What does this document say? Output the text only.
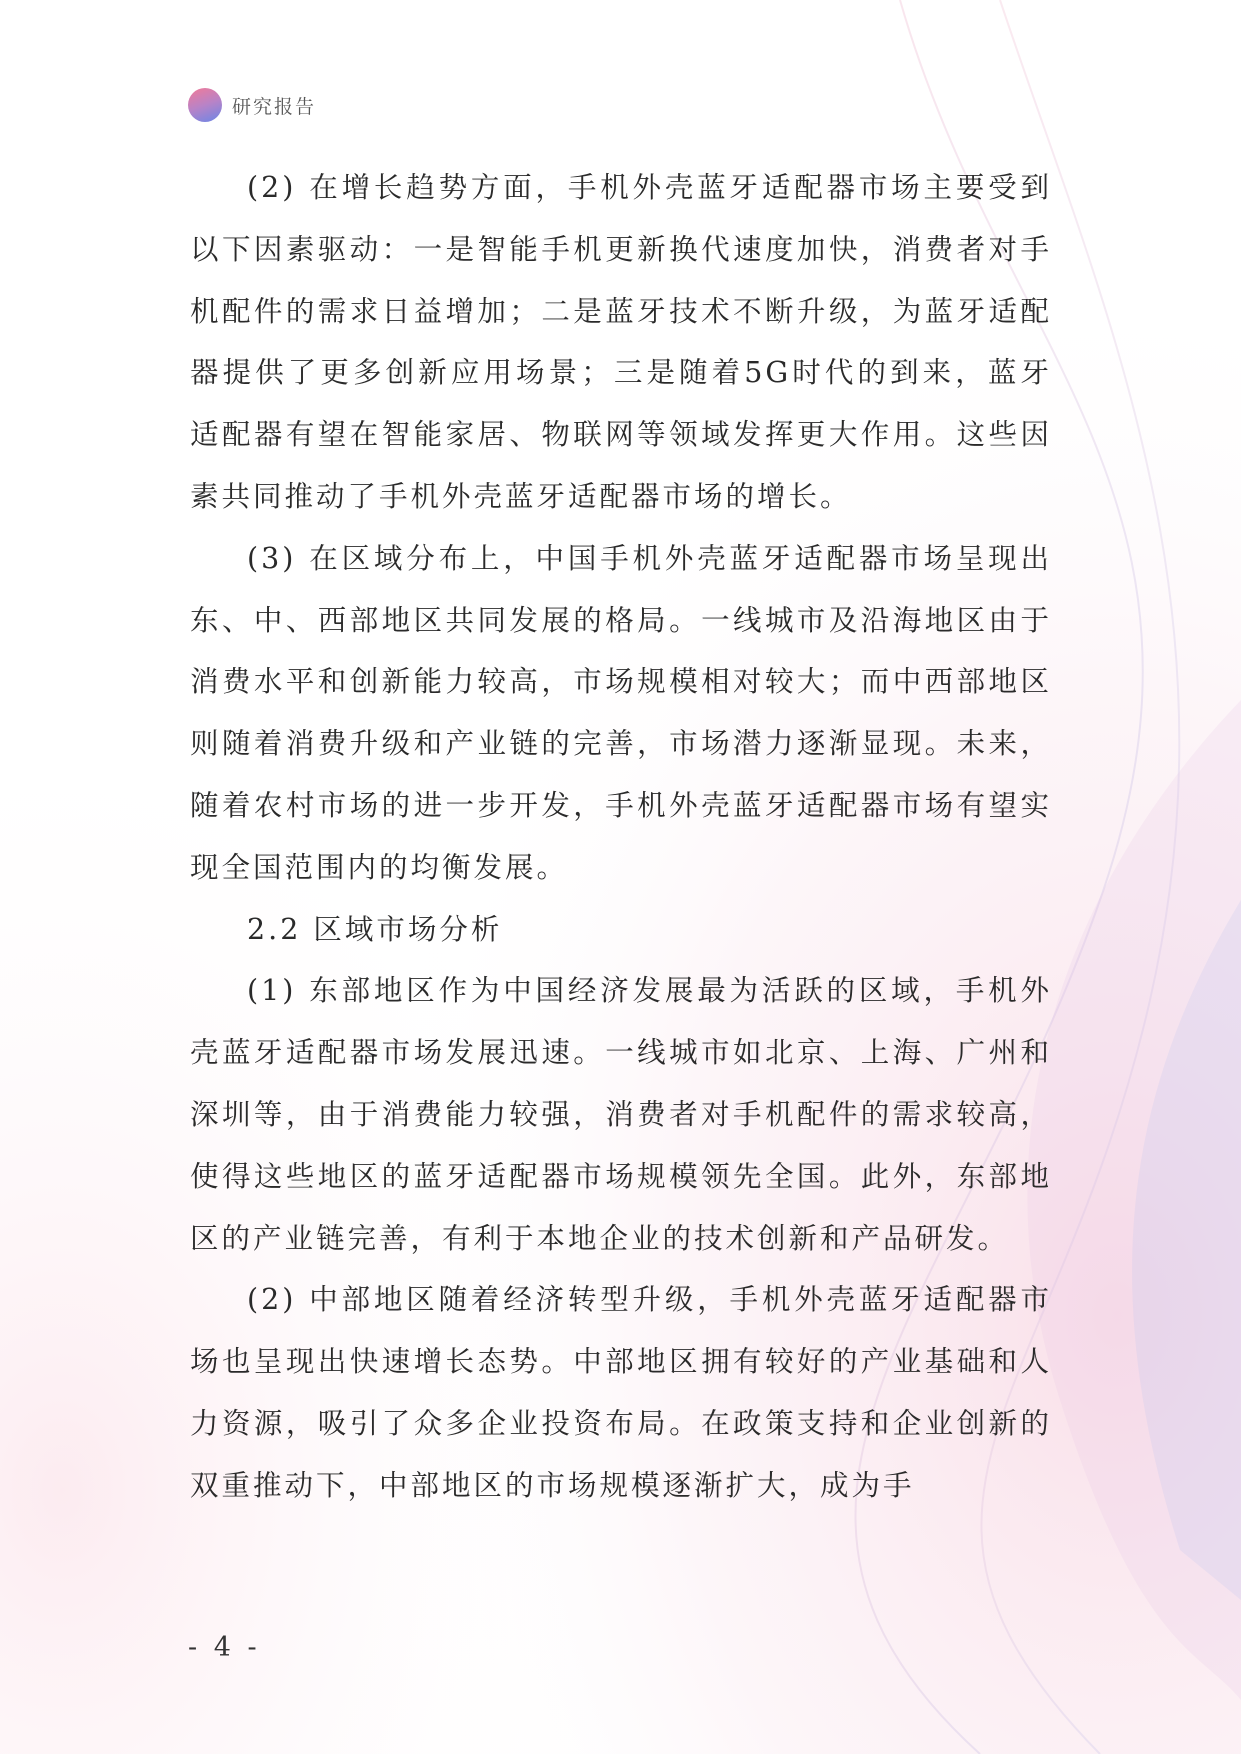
研究报告

(2) 在增长趋势方面，手机外壳蓝牙适配器市场主要受到以下因素驱动：一是智能手机更新换代速度加快，消费者对手机配件的需求日益增加；二是蓝牙技术不断升级，为蓝牙适配器提供了更多创新应用场景；三是随着5G时代的到来，蓝牙适配器有望在智能家居、物联网等领域发挥更大作用。这些因素共同推动了手机外壳蓝牙适配器市场的增长。

(3) 在区域分布上，中国手机外壳蓝牙适配器市场呈现出东、中、西部地区共同发展的格局。一线城市及沿海地区由于消费水平和创新能力较高，市场规模相对较大；而中西部地区则随着消费升级和产业链的完善，市场潜力逐渐显现。未来，随着农村市场的进一步开发，手机外壳蓝牙适配器市场有望实现全国范围内的均衡发展。

2.2 区域市场分析

(1) 东部地区作为中国经济发展最为活跃的区域，手机外壳蓝牙适配器市场发展迅速。一线城市如北京、上海、广州和深圳等，由于消费能力较强，消费者对手机配件的需求较高，使得这些地区的蓝牙适配器市场规模领先全国。此外，东部地区的产业链完善，有利于本地企业的技术创新和产品研发。

(2) 中部地区随着经济转型升级，手机外壳蓝牙适配器市场也呈现出快速增长态势。中部地区拥有较好的产业基础和人力资源，吸引了众多企业投资布局。在政策支持和企业创新的双重推动下，中部地区的市场规模逐渐扩大，成为手

- 4 -
